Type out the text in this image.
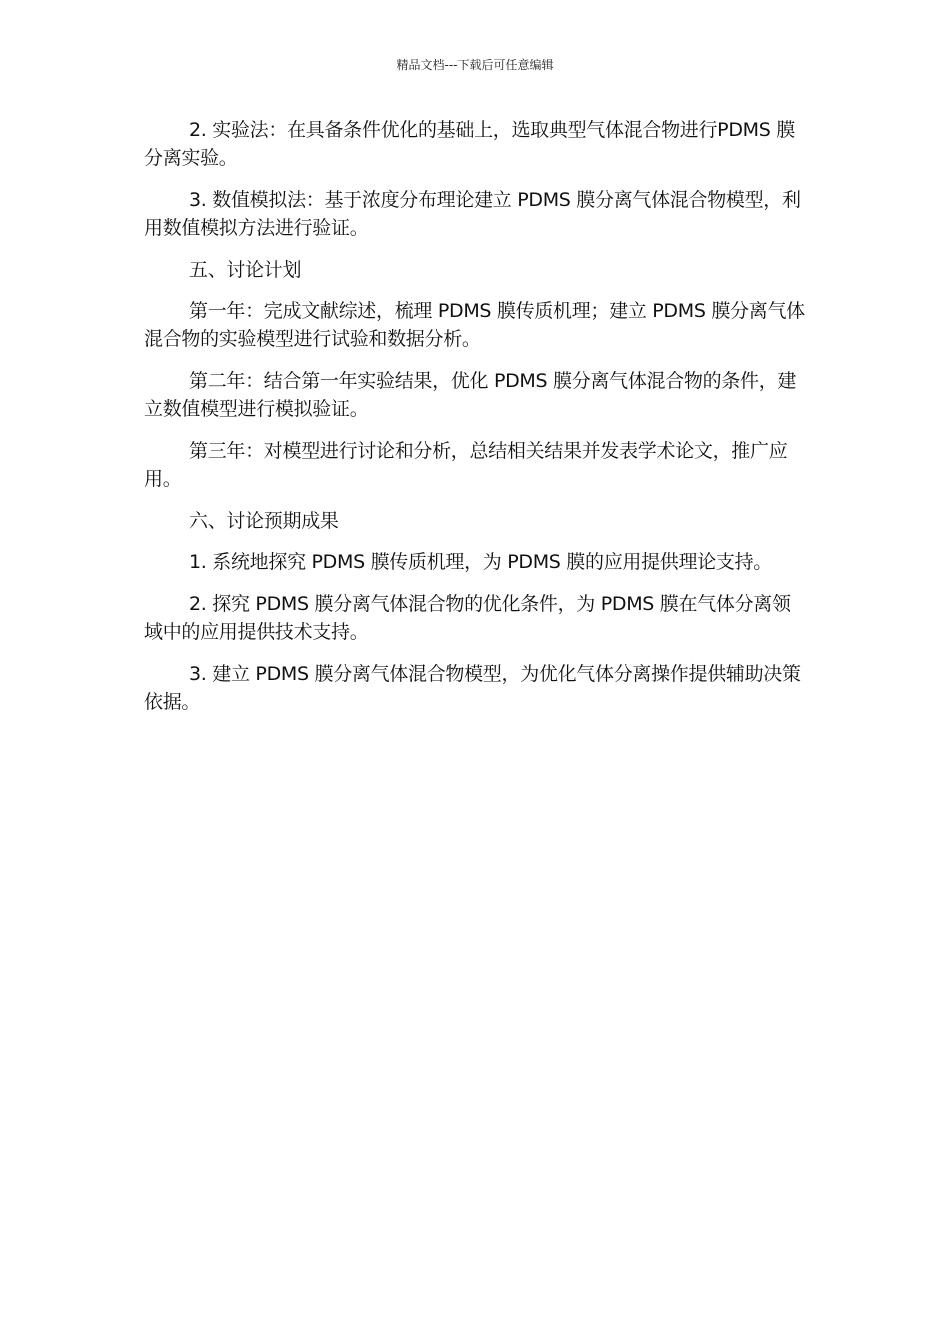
精品文档---下载后可任意编辑

2. 实验法：在具备条件优化的基础上，选取典型气体混合物进行PDMS 膜分离实验。

3. 数值模拟法：基于浓度分布理论建立 PDMS 膜分离气体混合物模型，利用数值模拟方法进行验证。

五、讨论计划

第一年：完成文献综述，梳理 PDMS 膜传质机理；建立 PDMS 膜分离气体混合物的实验模型进行试验和数据分析。

第二年：结合第一年实验结果，优化 PDMS 膜分离气体混合物的条件，建立数值模型进行模拟验证。

第三年：对模型进行讨论和分析，总结相关结果并发表学术论文，推广应用。

六、讨论预期成果

1. 系统地探究 PDMS 膜传质机理，为 PDMS 膜的应用提供理论支持。

2. 探究 PDMS 膜分离气体混合物的优化条件，为 PDMS 膜在气体分离领域中的应用提供技术支持。

3. 建立 PDMS 膜分离气体混合物模型，为优化气体分离操作提供辅助决策依据。
